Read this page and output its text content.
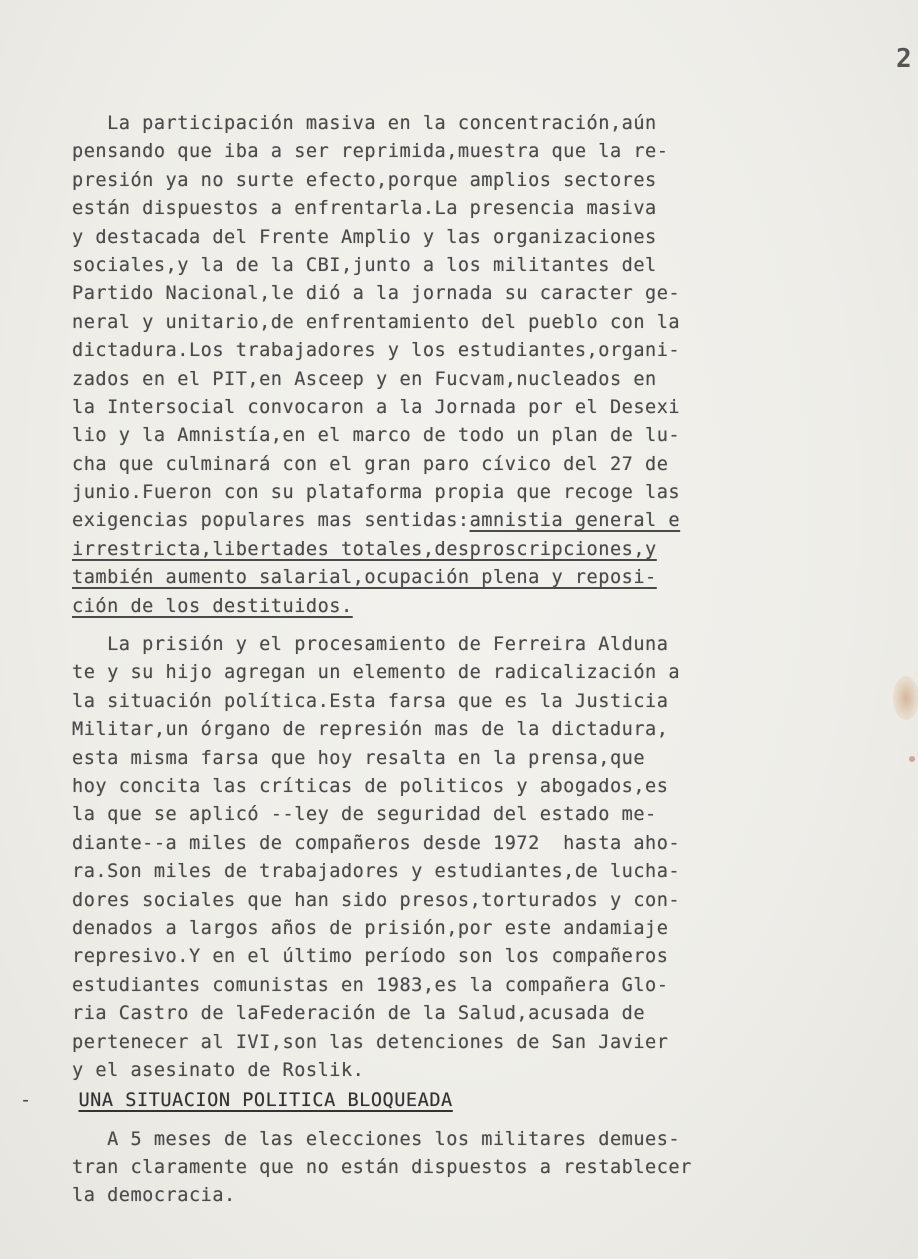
2
La participación masiva en la concentración,aún
pensando que iba a ser reprimida,muestra que la re-
presión ya no surte efecto,porque amplios sectores
están dispuestos a enfrentarla.La presencia masiva
y destacada del Frente Amplio y las organizaciones
sociales,y la de la CBI,junto a los militantes del
Partido Nacional,le dió a la jornada su caracter ge-
neral y unitario,de enfrentamiento del pueblo con la
dictadura.Los trabajadores y los estudiantes,organi-
zados en el PIT,en Asceep y en Fucvam,nucleados en
la Intersocial convocaron a la Jornada por el Desexi
lio y la Amnistía,en el marco de todo un plan de lu-
cha que culminará con el gran paro cívico del 27 de
junio.Fueron con su plataforma propia que recoge las
exigencias populares mas sentidas:amnistia general e
irrestricta,libertades totales,desproscripciones,y
también aumento salarial,ocupación plena y reposi-
ción de los destituidos.
La prisión y el procesamiento de Ferreira Alduna
te y su hijo agregan un elemento de radicalización a
la situación política.Esta farsa que es la Justicia
Militar,un órgano de represión mas de la dictadura,
esta misma farsa que hoy resalta en la prensa,que
hoy concita las críticas de politicos y abogados,es
la que se aplicó --ley de seguridad del estado me-
diante--a miles de compañeros desde 1972  hasta aho-
ra.Son miles de trabajadores y estudiantes,de lucha-
dores sociales que han sido presos,torturados y con-
denados a largos años de prisión,por este andamiaje
represivo.Y en el último período son los compañeros
estudiantes comunistas en 1983,es la compañera Glo-
ria Castro de laFederación de la Salud,acusada de
pertenecer al IVI,son las detenciones de San Javier
y el asesinato de Roslik.
-	UNA SITUACION POLITICA BLOQUEADA
A 5 meses de las elecciones los militares demues-
tran claramente que no están dispuestos a restablecer
la democracia.
